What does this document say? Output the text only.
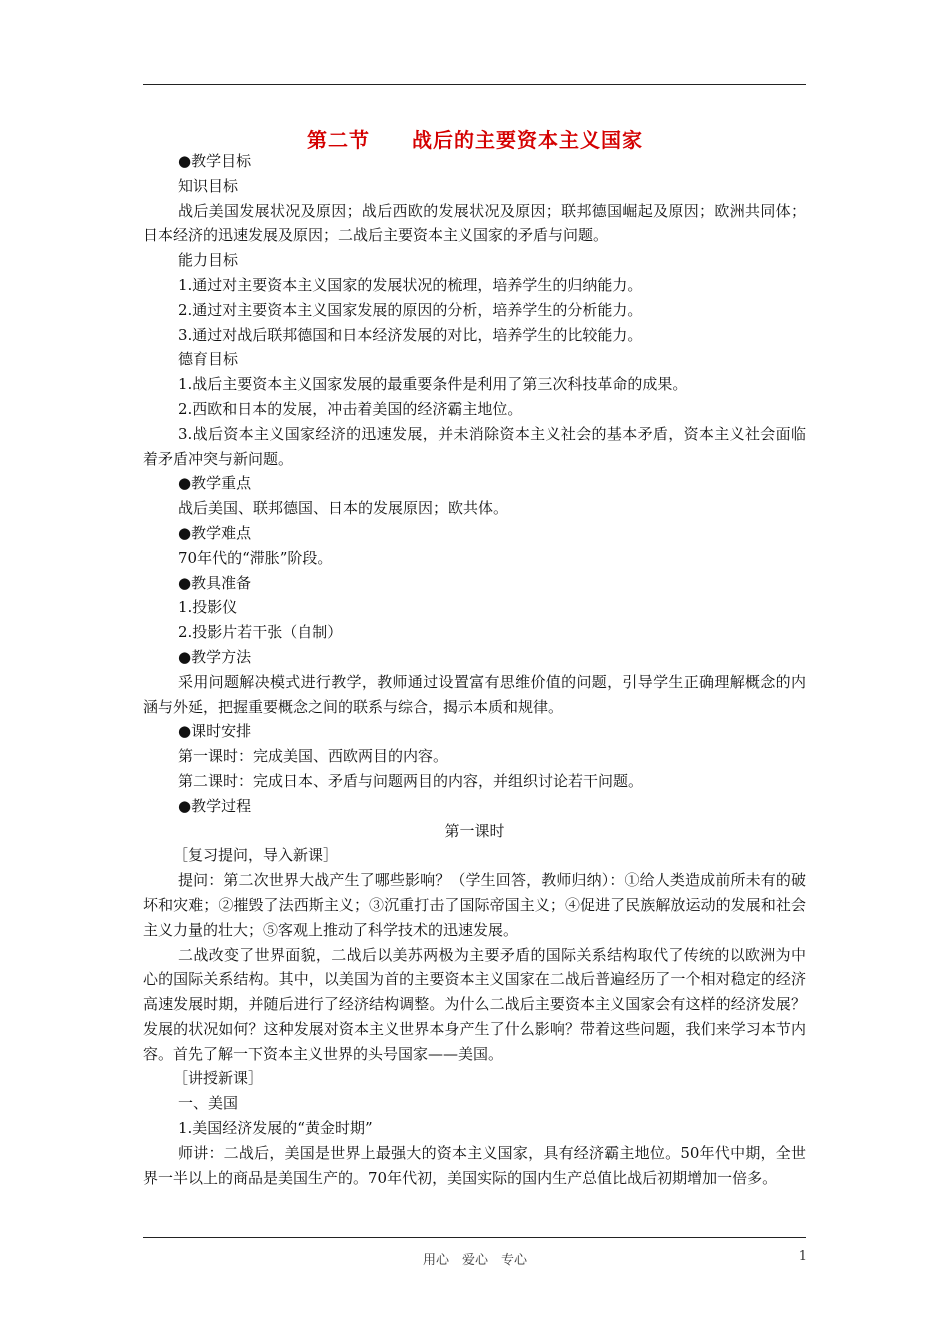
第二节　　战后的主要资本主义国家

●教学目标

知识目标

战后美国发展状况及原因；战后西欧的发展状况及原因；联邦德国崛起及原因；欧洲共同体；日本经济的迅速发展及原因；二战后主要资本主义国家的矛盾与问题。

能力目标

1.通过对主要资本主义国家的发展状况的梳理，培养学生的归纳能力。

2.通过对主要资本主义国家发展的原因的分析，培养学生的分析能力。

3.通过对战后联邦德国和日本经济发展的对比，培养学生的比较能力。

德育目标

1.战后主要资本主义国家发展的最重要条件是利用了第三次科技革命的成果。

2.西欧和日本的发展，冲击着美国的经济霸主地位。

3.战后资本主义国家经济的迅速发展，并未消除资本主义社会的基本矛盾，资本主义社会面临着矛盾冲突与新问题。

●教学重点

战后美国、联邦德国、日本的发展原因；欧共体。

●教学难点

70年代的“滞胀”阶段。

●教具准备

1.投影仪

2.投影片若干张（自制）

●教学方法

采用问题解决模式进行教学，教师通过设置富有思维价值的问题，引导学生正确理解概念的内涵与外延，把握重要概念之间的联系与综合，揭示本质和规律。

●课时安排

第一课时：完成美国、西欧两目的内容。

第二课时：完成日本、矛盾与问题两目的内容，并组织讨论若干问题。

●教学过程

第一课时

［复习提问，导入新课］

提问：第二次世界大战产生了哪些影响？（学生回答，教师归纳）：①给人类造成前所未有的破坏和灾难；②摧毁了法西斯主义；③沉重打击了国际帝国主义；④促进了民族解放运动的发展和社会主义力量的壮大；⑤客观上推动了科学技术的迅速发展。

二战改变了世界面貌，二战后以美苏两极为主要矛盾的国际关系结构取代了传统的以欧洲为中心的国际关系结构。其中，以美国为首的主要资本主义国家在二战后普遍经历了一个相对稳定的经济高速发展时期，并随后进行了经济结构调整。为什么二战后主要资本主义国家会有这样的经济发展？发展的状况如何？这种发展对资本主义世界本身产生了什么影响？带着这些问题，我们来学习本节内容。首先了解一下资本主义世界的头号国家——美国。

［讲授新课］

一、美国

1.美国经济发展的“黄金时期”

师讲：二战后，美国是世界上最强大的资本主义国家，具有经济霸主地位。50年代中期，全世界一半以上的商品是美国生产的。70年代初，美国实际的国内生产总值比战后初期增加一倍多。

用心　爱心　专心	1
